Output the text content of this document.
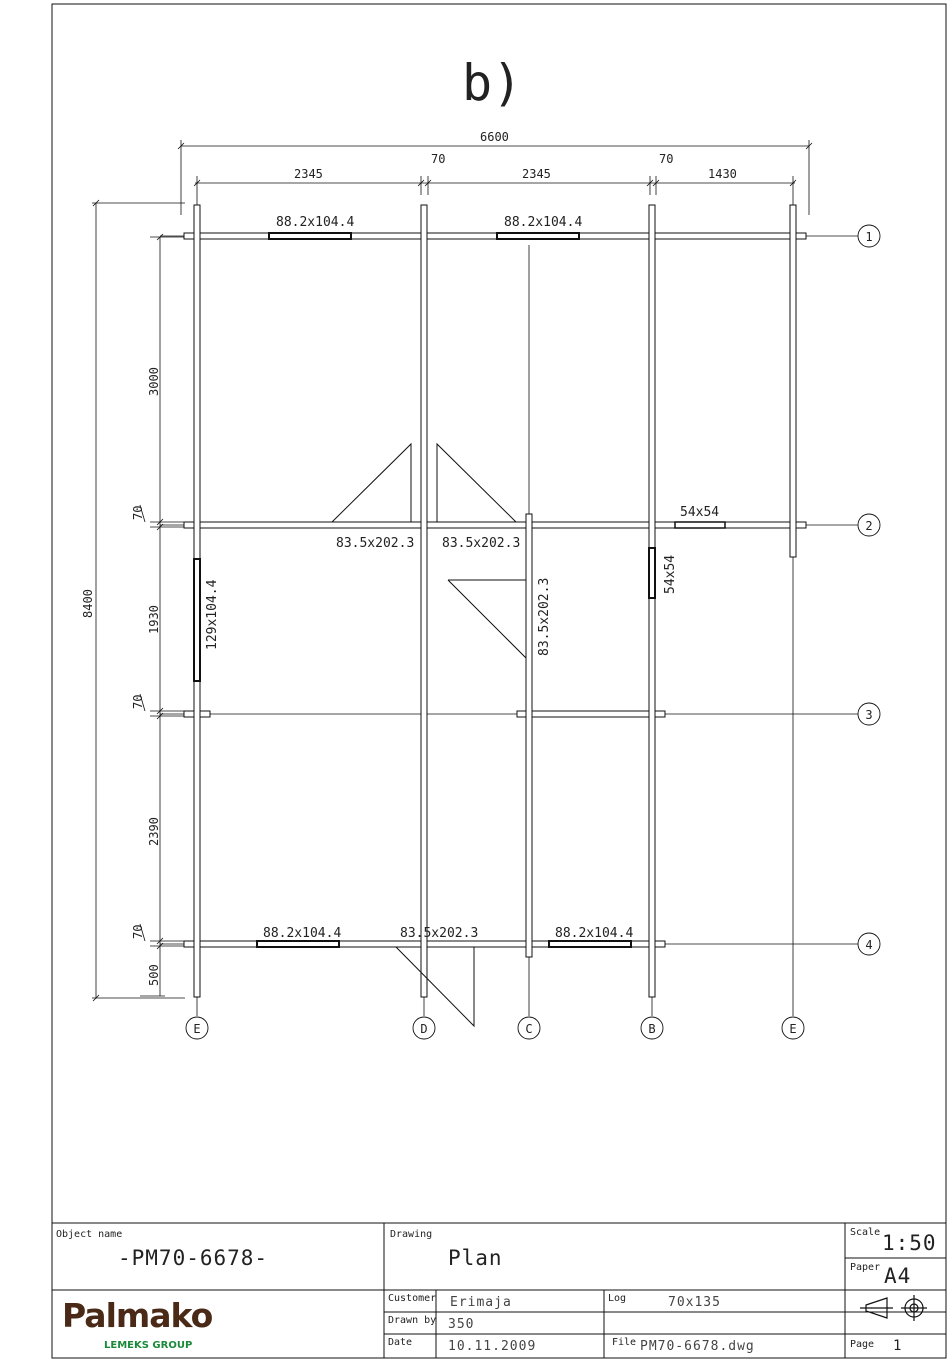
b)
6600
2345
70
2345
70
1430
8400
3000
70
1930
70
2390
70
500
88.2x104.4	88.2x104.4
83.5x202.3 83.5x202.3
54x54
54x54
129x104.4	83.5x202.3
88.2x104.4	83.5x202.3	88.2x104.4
1
2
3
4
E	D	C	B	E
Object name
-PM70-6678-
Drawing
Plan
Scale 1:50
Paper A4
Customer Erimaja	Log	70x135
Drawn by 350
Date	10.11.2009	File PM70-6678.dwg	Page 1
Palmako
LEMEKS GROUP
